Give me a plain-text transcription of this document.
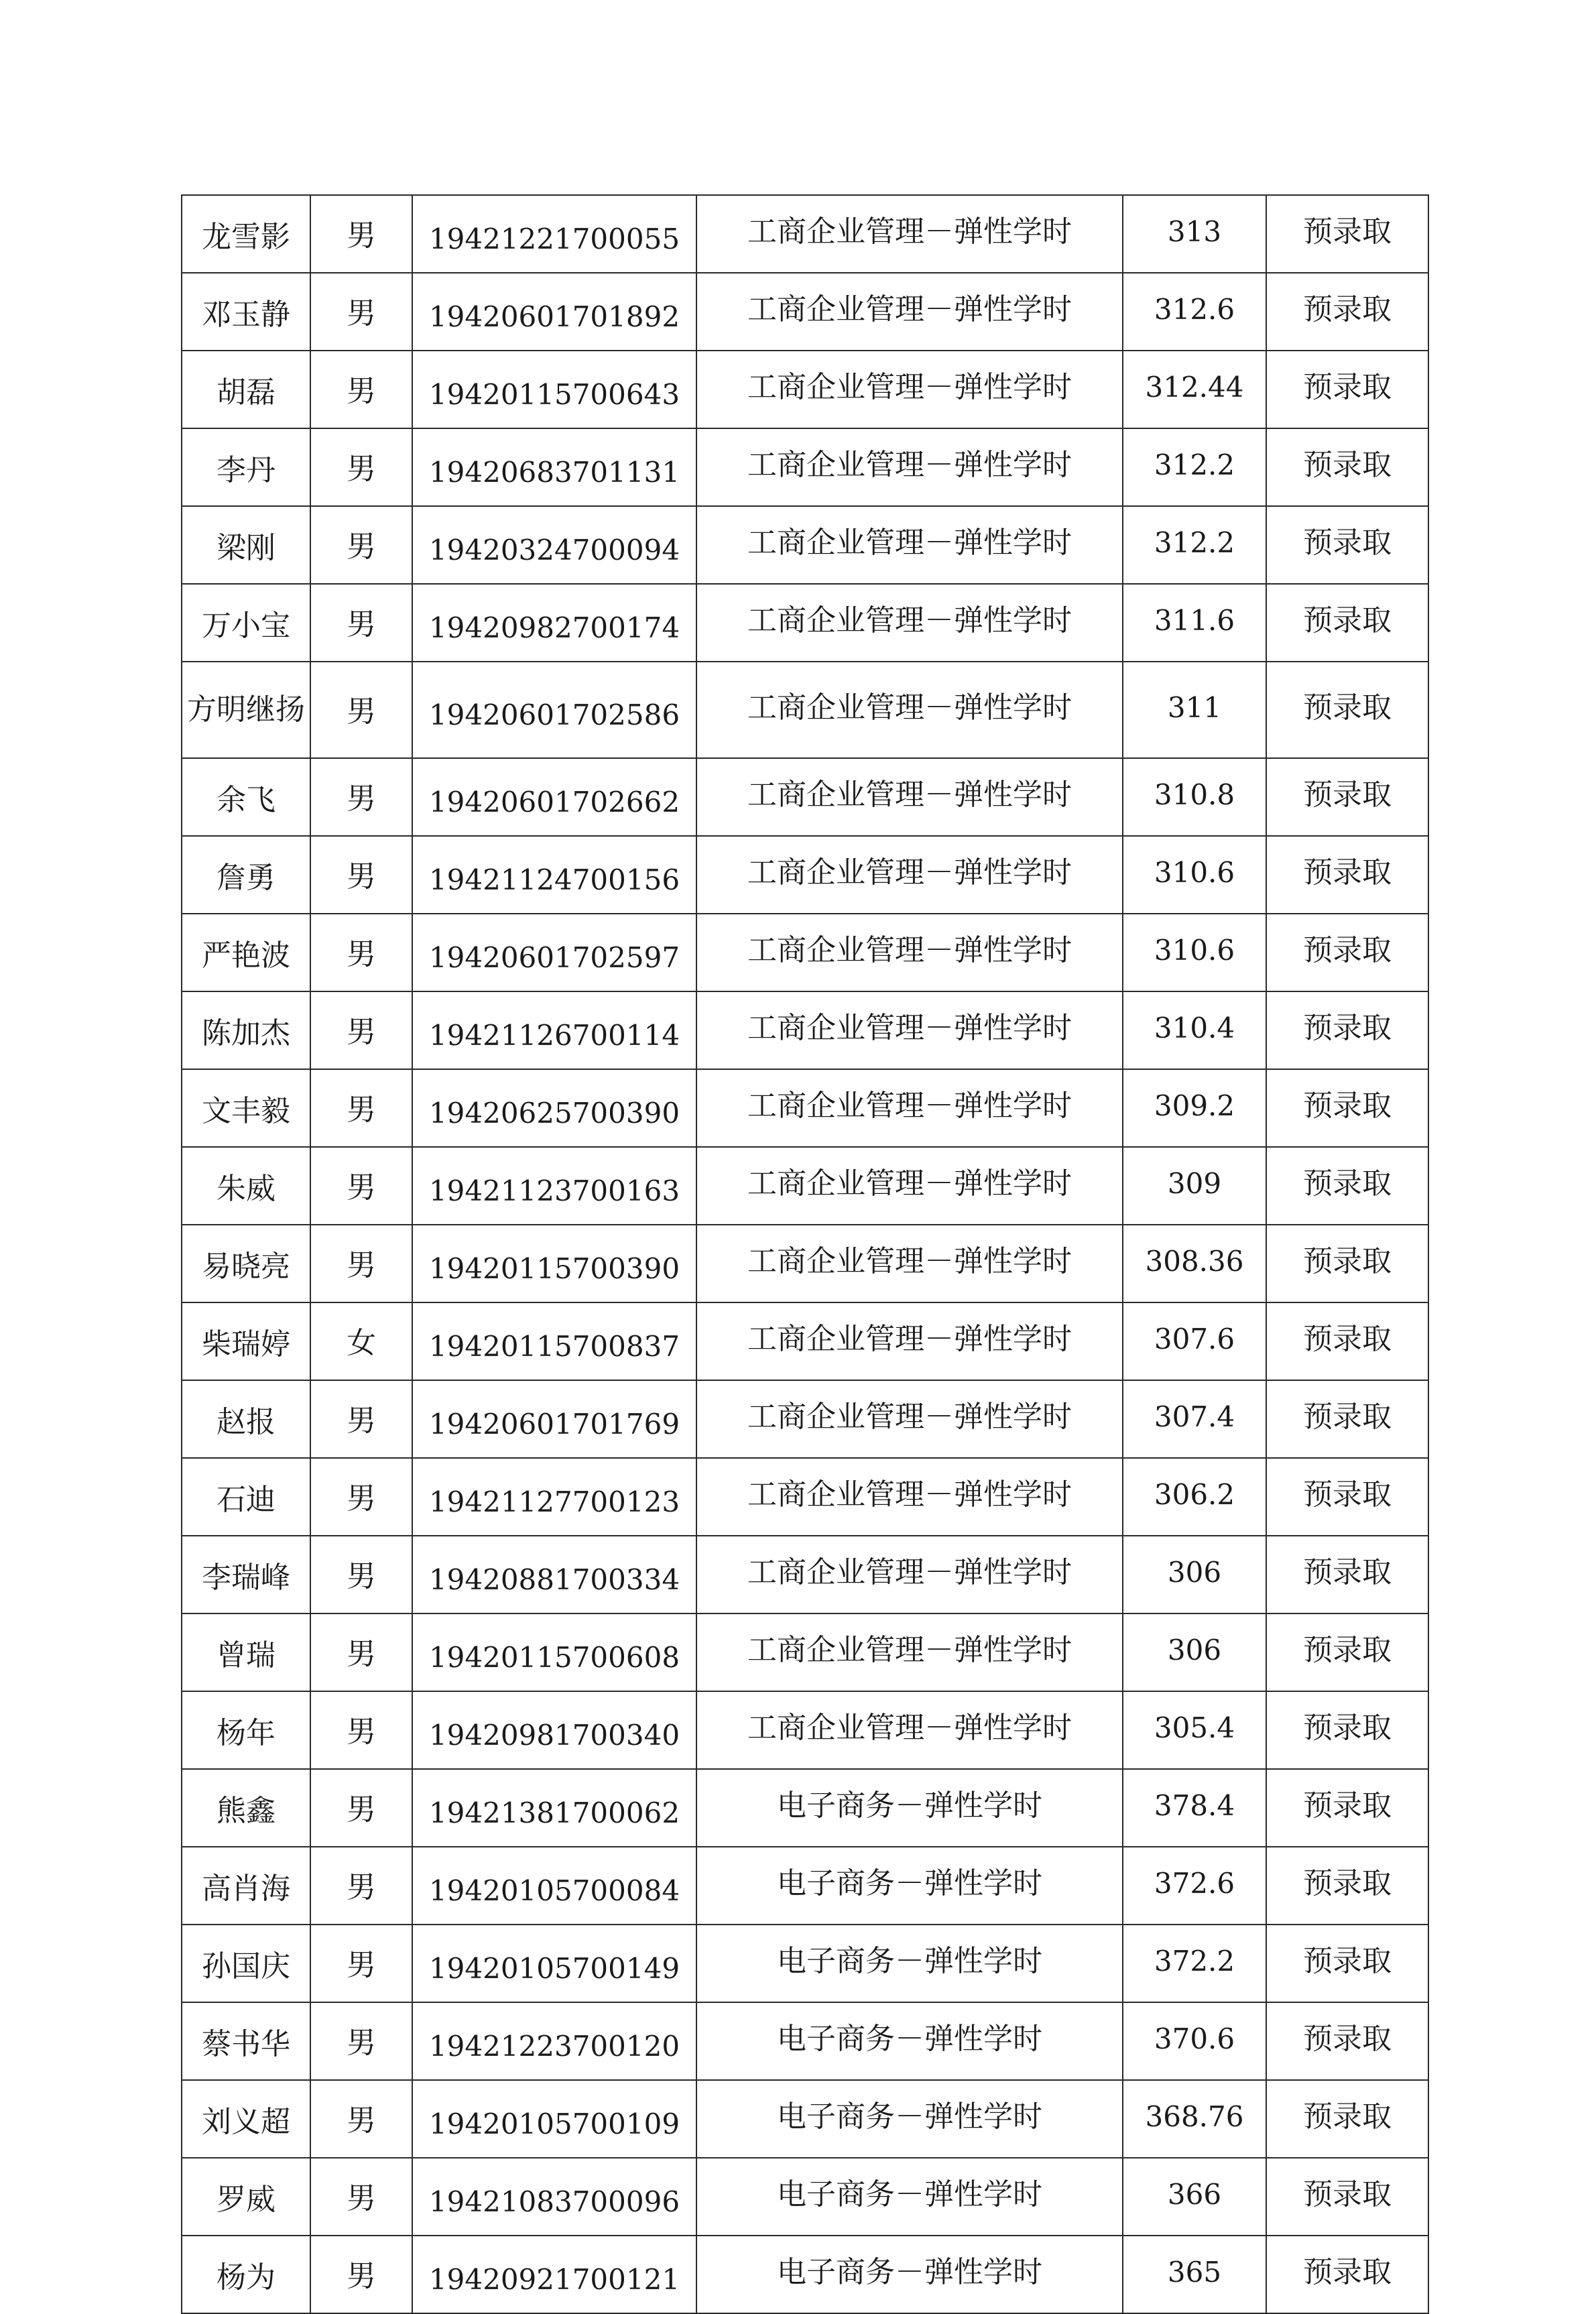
龙雪影	男	19421221700055	工商企业管理－弹性学时	313	预录取
邓玉静	男	19420601701892	工商企业管理－弹性学时	312.6	预录取
胡磊	男	19420115700643	工商企业管理－弹性学时	312.44	预录取
李丹	男	19420683701131	工商企业管理－弹性学时	312.2	预录取
梁刚	男	19420324700094	工商企业管理－弹性学时	312.2	预录取
万小宝	男	19420982700174	工商企业管理－弹性学时	311.6	预录取
方明继扬	男	19420601702586	工商企业管理－弹性学时	311	预录取
余飞	男	19420601702662	工商企业管理－弹性学时	310.8	预录取
詹勇	男	19421124700156	工商企业管理－弹性学时	310.6	预录取
严艳波	男	19420601702597	工商企业管理－弹性学时	310.6	预录取
陈加杰	男	19421126700114	工商企业管理－弹性学时	310.4	预录取
文丰毅	男	19420625700390	工商企业管理－弹性学时	309.2	预录取
朱威	男	19421123700163	工商企业管理－弹性学时	309	预录取
易晓亮	男	19420115700390	工商企业管理－弹性学时	308.36	预录取
柴瑞婷	女	19420115700837	工商企业管理－弹性学时	307.6	预录取
赵报	男	19420601701769	工商企业管理－弹性学时	307.4	预录取
石迪	男	19421127700123	工商企业管理－弹性学时	306.2	预录取
李瑞峰	男	19420881700334	工商企业管理－弹性学时	306	预录取
曾瑞	男	19420115700608	工商企业管理－弹性学时	306	预录取
杨年	男	19420981700340	工商企业管理－弹性学时	305.4	预录取
熊鑫	男	19421381700062	电子商务－弹性学时	378.4	预录取
高肖海	男	19420105700084	电子商务－弹性学时	372.6	预录取
孙国庆	男	19420105700149	电子商务－弹性学时	372.2	预录取
蔡书华	男	19421223700120	电子商务－弹性学时	370.6	预录取
刘义超	男	19420105700109	电子商务－弹性学时	368.76	预录取
罗威	男	19421083700096	电子商务－弹性学时	366	预录取
杨为	男	19420921700121	电子商务－弹性学时	365	预录取
